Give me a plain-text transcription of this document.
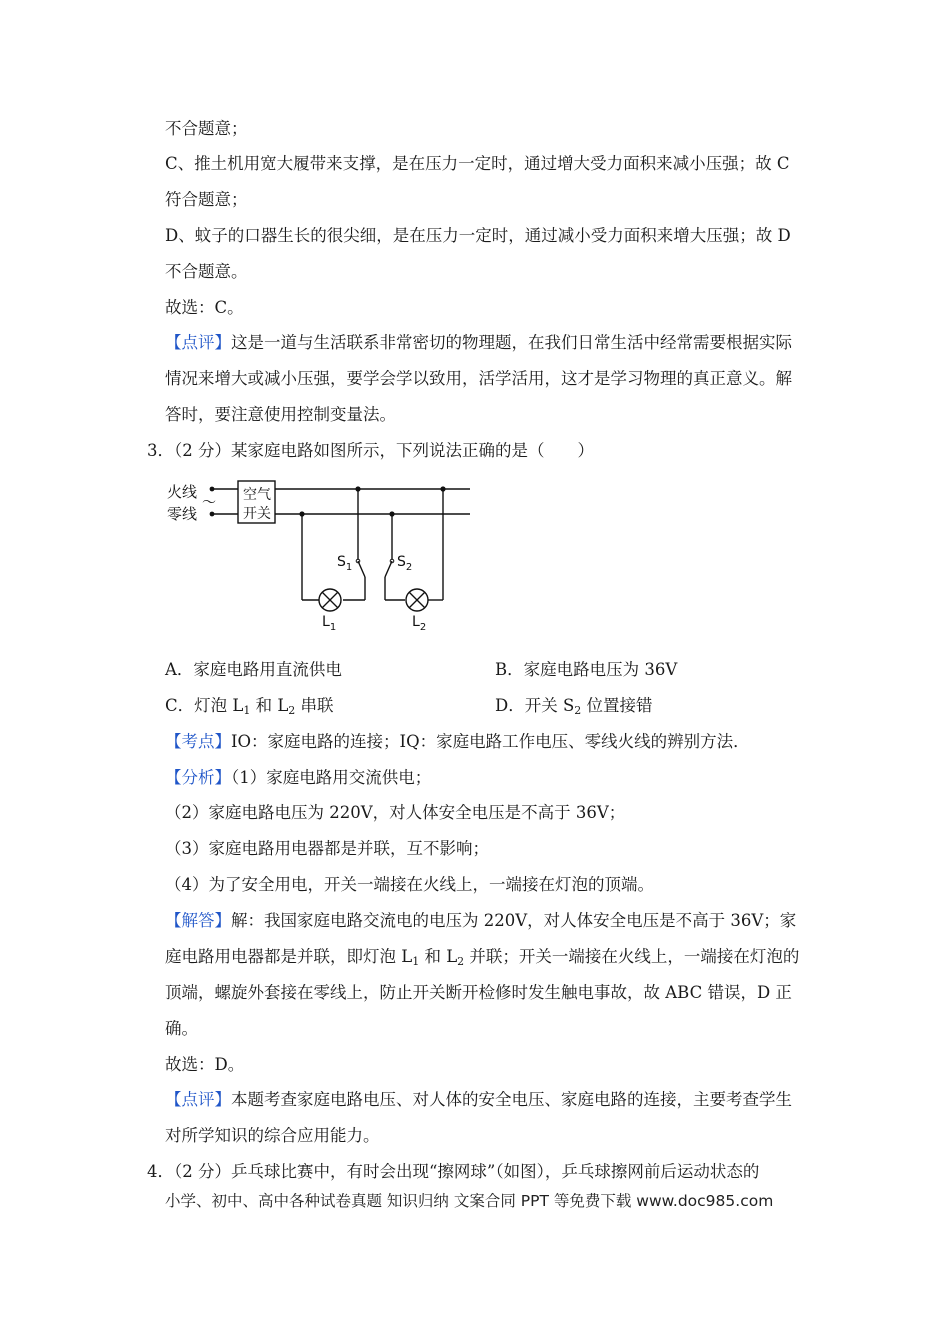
不合题意；
C、推土机用宽大履带来支撑，是在压力一定时，通过增大受力面积来减小压强；故 C
符合题意；
D、蚊子的口器生长的很尖细，是在压力一定时，通过减小受力面积来增大压强；故 D
不合题意。
故选：C。
【点评】这是一道与生活联系非常密切的物理题，在我们日常生活中经常需要根据实际
情况来增大或减小压强，要学会学以致用，活学活用，这才是学习物理的真正意义。解
答时，要注意使用控制变量法。
3．（2 分）某家庭电路如图所示，下列说法正确的是（　　）
火线
零线
～ 空气
开关
$S_1$
$L_1$
$S_2$
$L_2$
A．家庭电路用直流供电	B．家庭电路电压为 36V
C．灯泡 $L_1$ 和 $L_2$ 串联	D．开关 $S_2$ 位置接错
【考点】IO：家庭电路的连接；IQ：家庭电路工作电压、零线火线的辨别方法．
【分析】（1）家庭电路用交流供电；
（2）家庭电路电压为 220V，对人体安全电压是不高于 36V；
（3）家庭电路用电器都是并联，互不影响；
（4）为了安全用电，开关一端接在火线上，一端接在灯泡的顶端。
【解答】解：我国家庭电路交流电的电压为 220V，对人体安全电压是不高于 36V；家
庭电路用电器都是并联，即灯泡 $L_1$ 和 $L_2$ 并联；开关一端接在火线上，一端接在灯泡的
顶端，螺旋外套接在零线上，防止开关断开检修时发生触电事故，故 ABC 错误，D 正
确。
故选：D。
【点评】本题考查家庭电路电压、对人体的安全电压、家庭电路的连接，主要考查学生
对所学知识的综合应用能力。
4．（2 分）乒乓球比赛中，有时会出现“擦网球”（如图），乒乓球擦网前后运动状态的
小学、初中、高中各种试卷真题 知识归纳 文案合同 PPT 等免费下载 www.doc985.com
